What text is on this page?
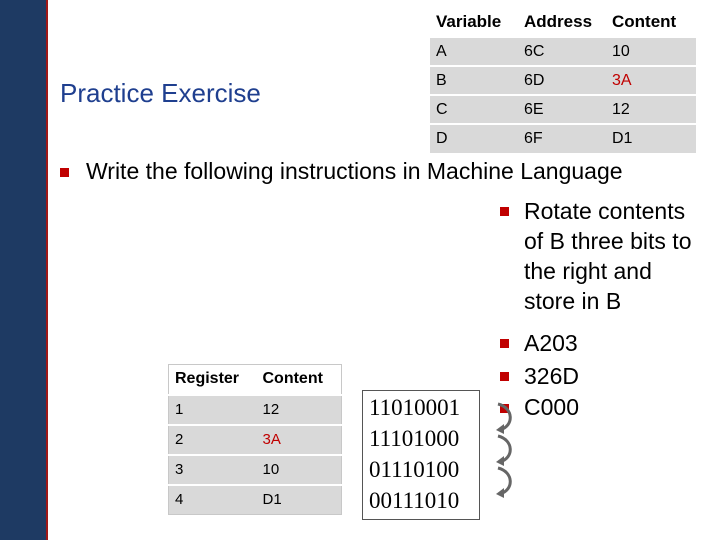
Practice Exercise
Variable	Address	Content
A	6C	10
B	6D	3A
C	6E	12
D	6F	D1
Write the following instructions in Machine Language
Rotate contents
of B three bits to
the right and
store in B
A203
326D
C000
Register	Content
1	12
2	3A
3	10
4	D1
11010001
11101000
01110100
00111010
